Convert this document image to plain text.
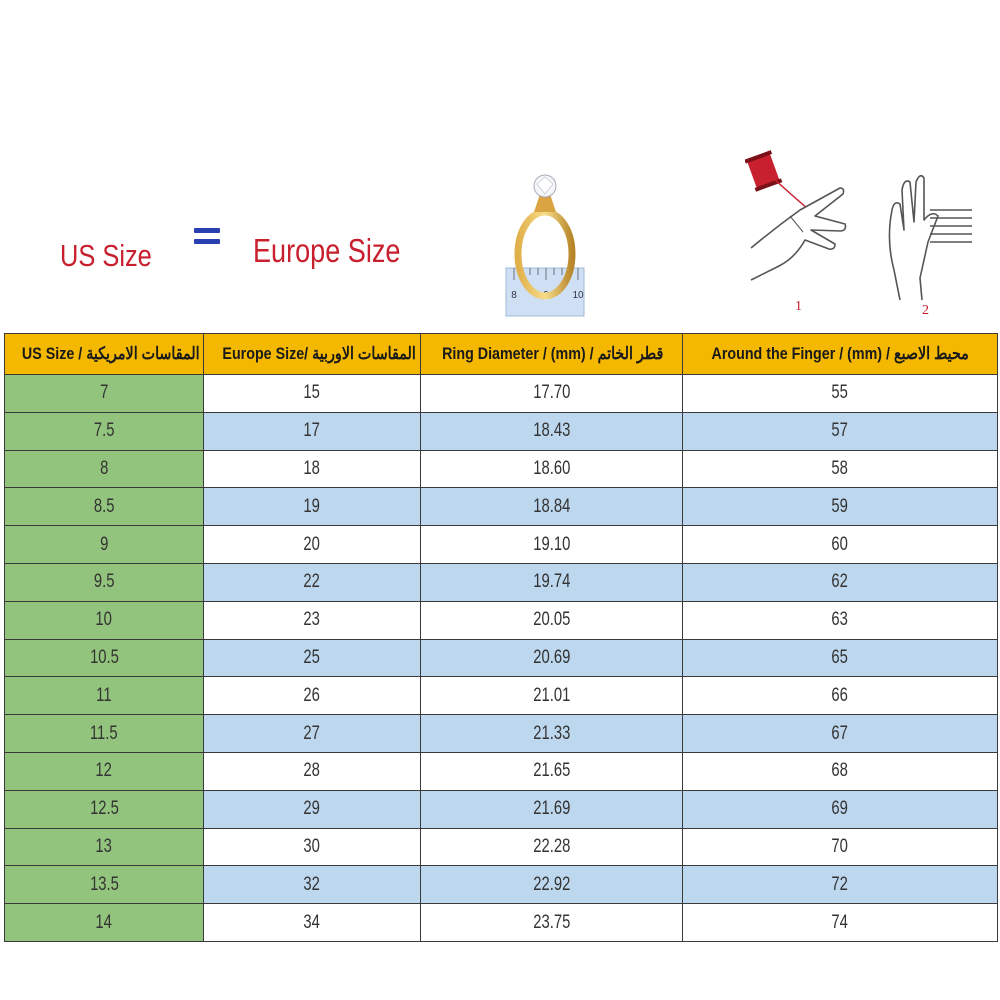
US Size	Europe Size
8	9 10
1	2
US Size / المقاسات الامريكية	Europe Size/ المقاسات الاوربية	Ring Diameter / (mm) / قطر الخاتم	Around the Finger / (mm) / محيط الاصبع
7	15	17.70	55
7.5	17	18.43	57
8	18	18.60	58
8.5	19	18.84	59
9	20	19.10	60
9.5	22	19.74	62
10	23	20.05	63
10.5	25	20.69	65
11	26	21.01	66
11.5	27	21.33	67
12	28	21.65	68
12.5	29	21.69	69
13	30	22.28	70
13.5	32	22.92	72
14	34	23.75	74
